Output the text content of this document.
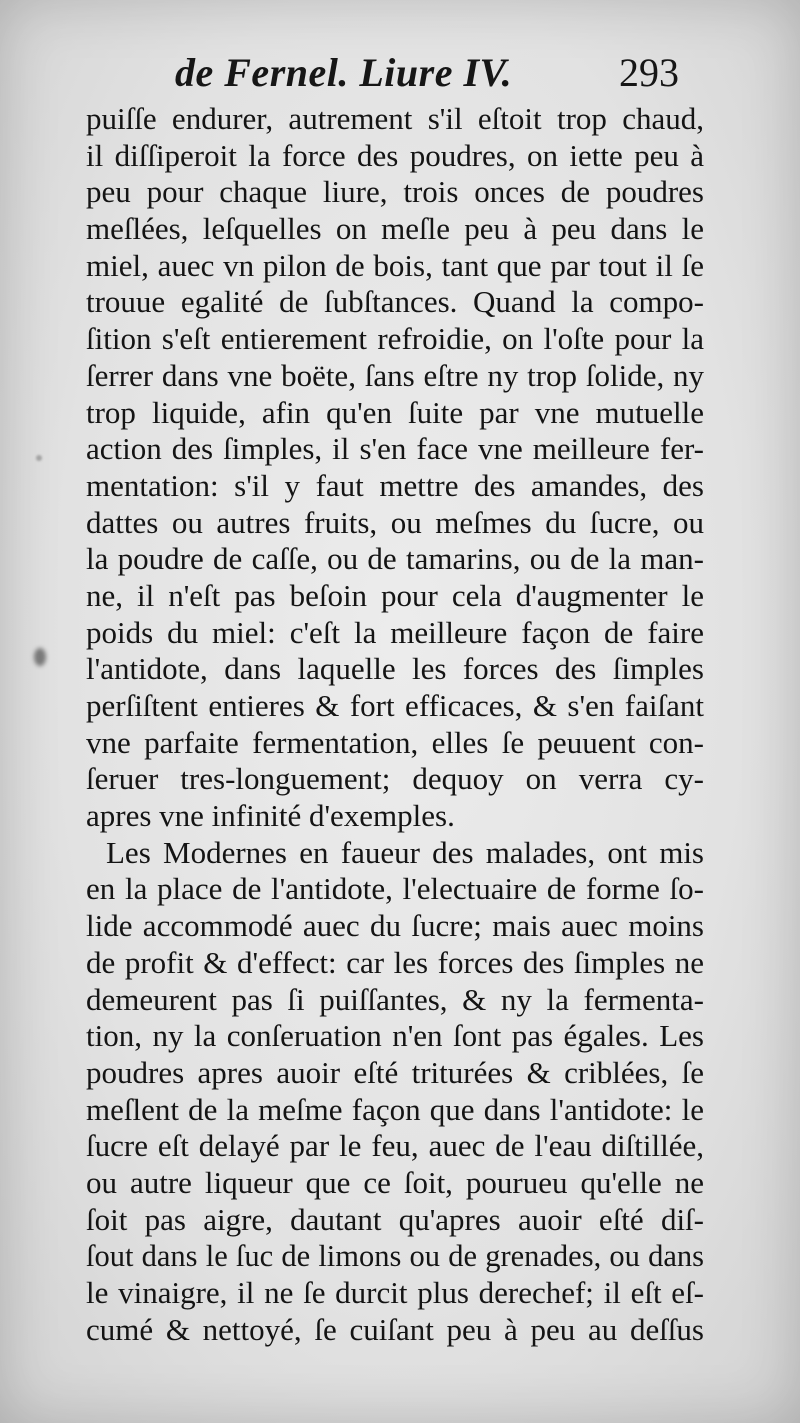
de Fernel. Liure IV.	293
puiſſe endurer, autrement s'il eſtoit trop chaud,
il diſſiperoit la force des poudres, on iette peu à
peu pour chaque liure, trois onces de poudres
meſlées, leſquelles on meſle peu à peu dans le
miel, auec vn pilon de bois, tant que par tout il ſe
trouue egalité de ſubſtances. Quand la compo-
ſition s'eſt entierement refroidie, on l'oſte pour la
ſerrer dans vne boëte, ſans eſtre ny trop ſolide, ny
trop liquide, afin qu'en ſuite par vne mutuelle
action des ſimples, il s'en face vne meilleure fer-
mentation: s'il y faut mettre des amandes, des
dattes ou autres fruits, ou meſmes du ſucre, ou
la poudre de caſſe, ou de tamarins, ou de la man-
ne, il n'eſt pas beſoin pour cela d'augmenter le
poids du miel: c'eſt la meilleure façon de faire
l'antidote, dans laquelle les forces des ſimples
perſiſtent entieres & fort efficaces, & s'en faiſant
vne parfaite fermentation, elles ſe peuuent con-
ſeruer tres-longuement; dequoy on verra cy-
apres vne infinité d'exemples.
Les Modernes en faueur des malades, ont mis
en la place de l'antidote, l'electuaire de forme ſo-
lide accommodé auec du ſucre; mais auec moins
de profit & d'effect: car les forces des ſimples ne
demeurent pas ſi puiſſantes, & ny la fermenta-
tion, ny la conſeruation n'en ſont pas égales. Les
poudres apres auoir eſté triturées & criblées, ſe
meſlent de la meſme façon que dans l'antidote: le
ſucre eſt delayé par le feu, auec de l'eau diſtillée,
ou autre liqueur que ce ſoit, pourueu qu'elle ne
ſoit pas aigre, dautant qu'apres auoir eſté diſ-
ſout dans le ſuc de limons ou de grenades, ou dans
le vinaigre, il ne ſe durcit plus derechef; il eſt eſ-
cumé & nettoyé, ſe cuiſant peu à peu au deſſus
